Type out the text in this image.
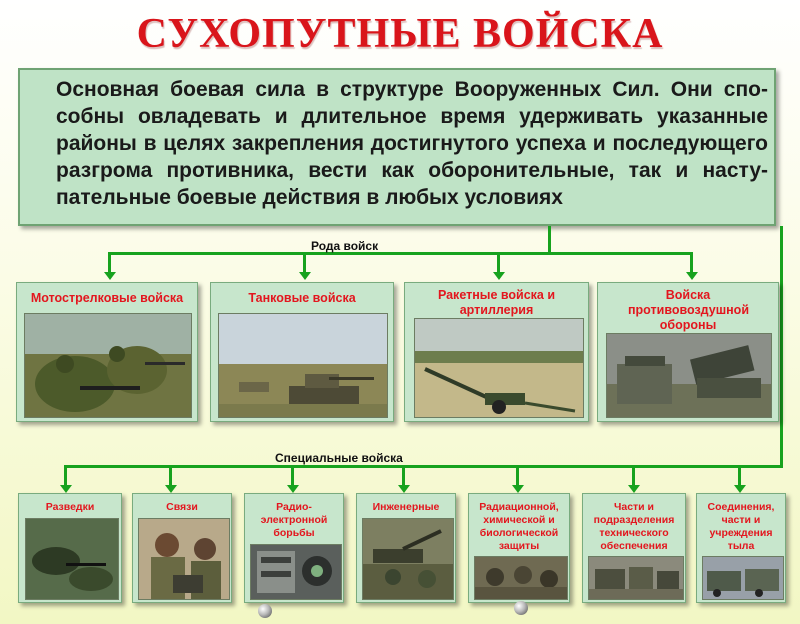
СУХОПУТНЫЕ ВОЙСКА

Основная боевая сила в структуре Вооруженных Сил. Они способны овладевать и длительное время удерживать указанные районы в целях закрепления достигнутого успеха и последующего разгрома противника, вести как оборонительные, так и наступательные боевые действия в любых условиях

Рода войск
Специальные войска
Мотострелковые войска	Танковые войска	Ракетные войска и артиллерия
Войска противовоздушной обороны
Разведки	Связи	Радио-электронной борьбы
Инженерные	Радиационной, химической и биологической защиты
Части и подразделения технического обеспечения
Соединения, части и учреждения тыла
